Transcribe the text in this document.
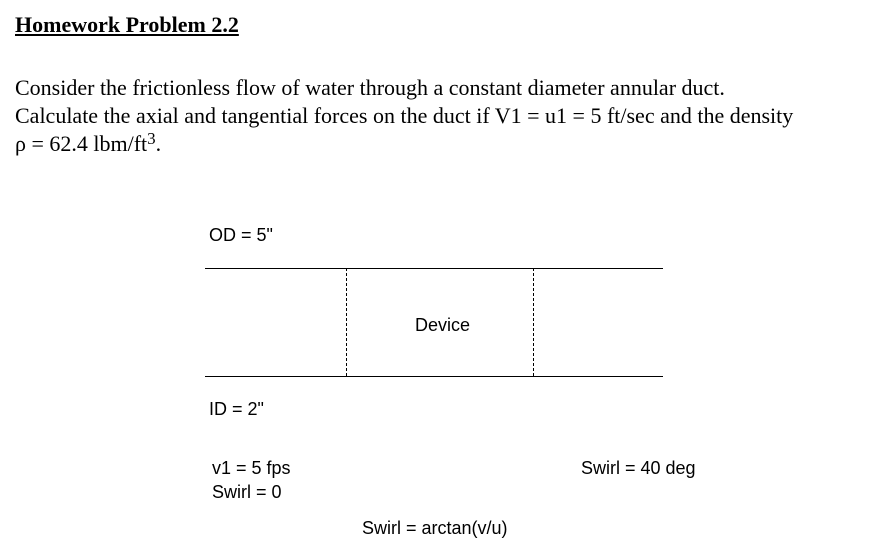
Homework Problem 2.2
Consider the frictionless flow of water through a constant diameter annular duct.
Calculate the axial and tangential forces on the duct if V1 = u1 = 5 ft/sec and the density
ρ = 62.4 lbm/$ft^3$.
OD = 5"
Device
ID = 2"
v1 = 5 fps
Swirl = 0
Swirl = 40 deg
Swirl = arctan(v/u)
